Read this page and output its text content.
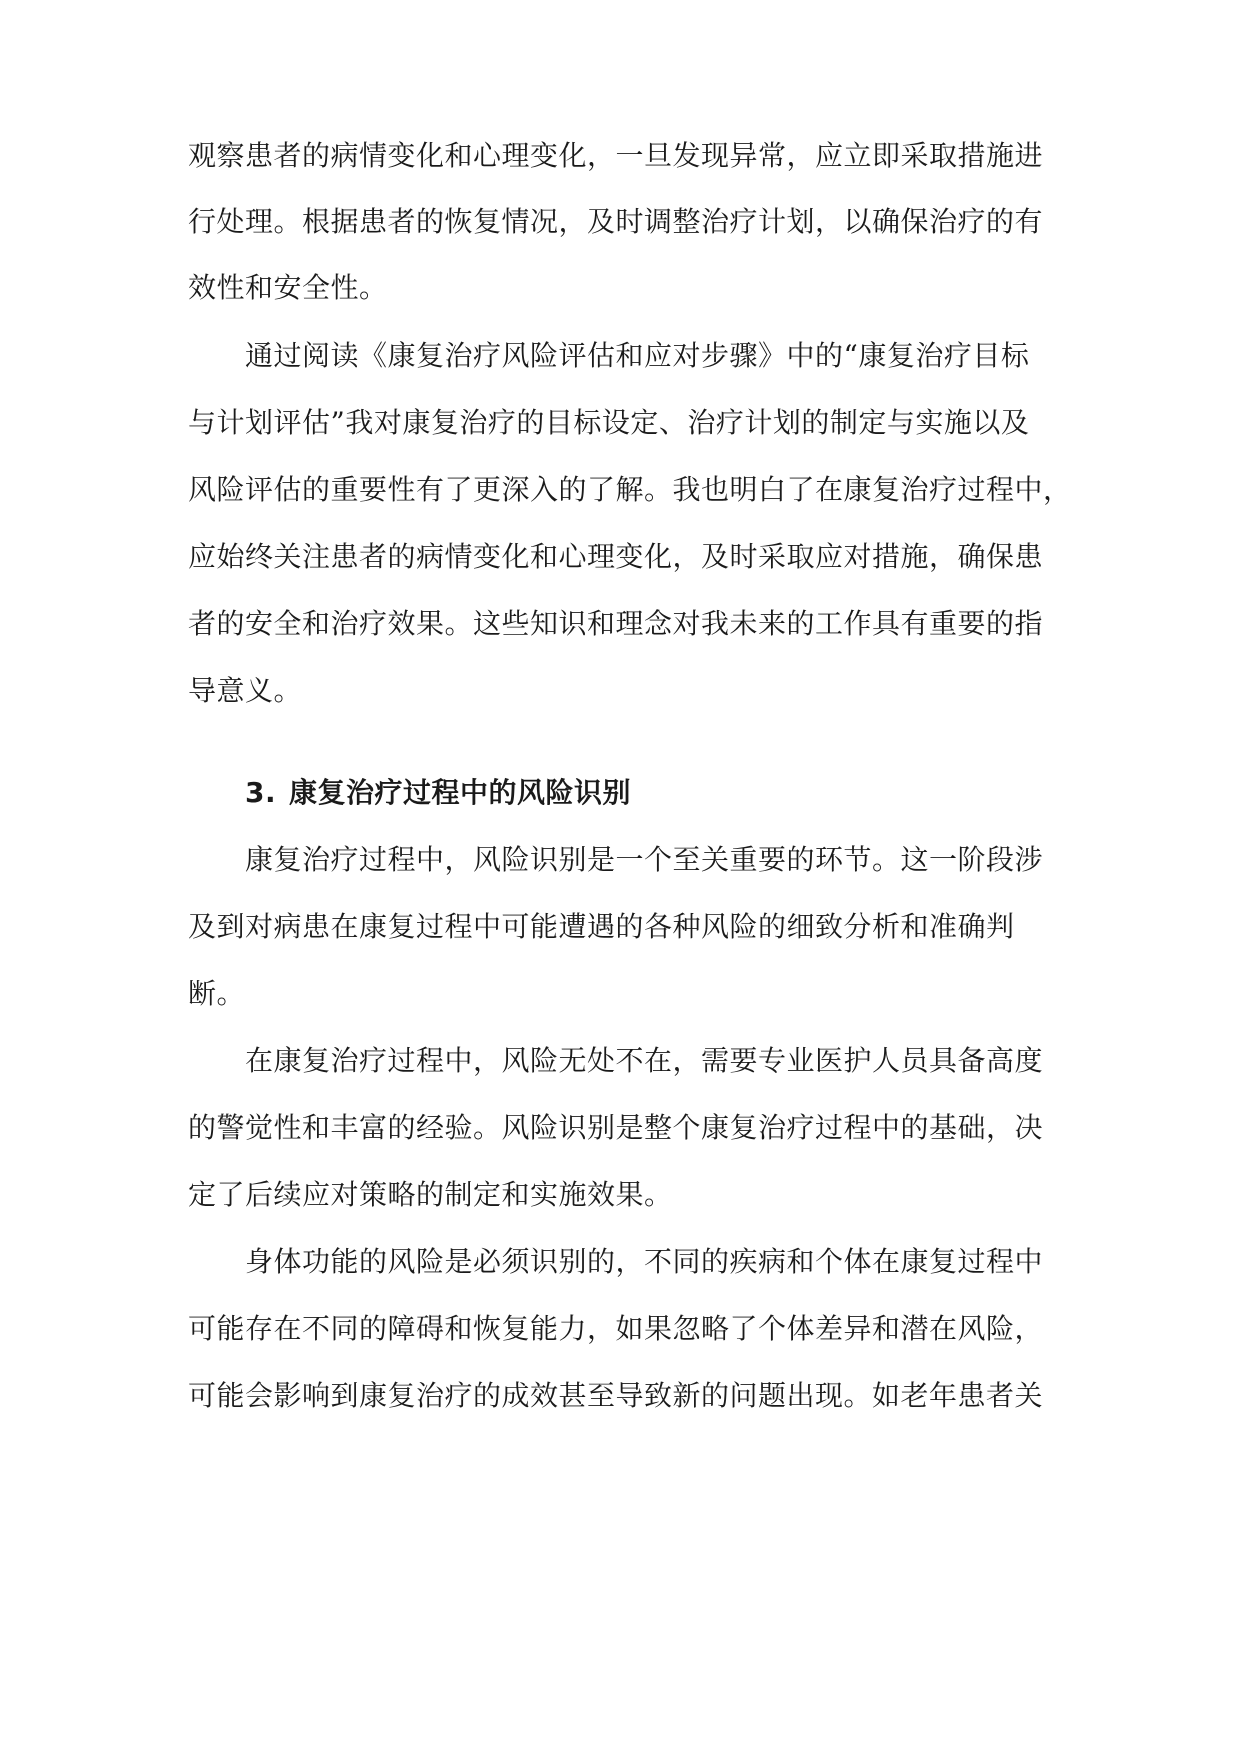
观察患者的病情变化和心理变化，一旦发现异常，应立即采取措施进
行处理。根据患者的恢复情况，及时调整治疗计划，以确保治疗的有
效性和安全性。
通过阅读《康复治疗风险评估和应对步骤》中的“康复治疗目标
与计划评估”我对康复治疗的目标设定、治疗计划的制定与实施以及
风险评估的重要性有了更深入的了解。我也明白了在康复治疗过程中，
应始终关注患者的病情变化和心理变化，及时采取应对措施，确保患
者的安全和治疗效果。这些知识和理念对我未来的工作具有重要的指
导意义。
3. 康复治疗过程中的风险识别
康复治疗过程中，风险识别是一个至关重要的环节。这一阶段涉
及到对病患在康复过程中可能遭遇的各种风险的细致分析和准确判
断。
在康复治疗过程中，风险无处不在，需要专业医护人员具备高度
的警觉性和丰富的经验。风险识别是整个康复治疗过程中的基础，决
定了后续应对策略的制定和实施效果。
身体功能的风险是必须识别的，不同的疾病和个体在康复过程中
可能存在不同的障碍和恢复能力，如果忽略了个体差异和潜在风险，
可能会影响到康复治疗的成效甚至导致新的问题出现。如老年患者关
